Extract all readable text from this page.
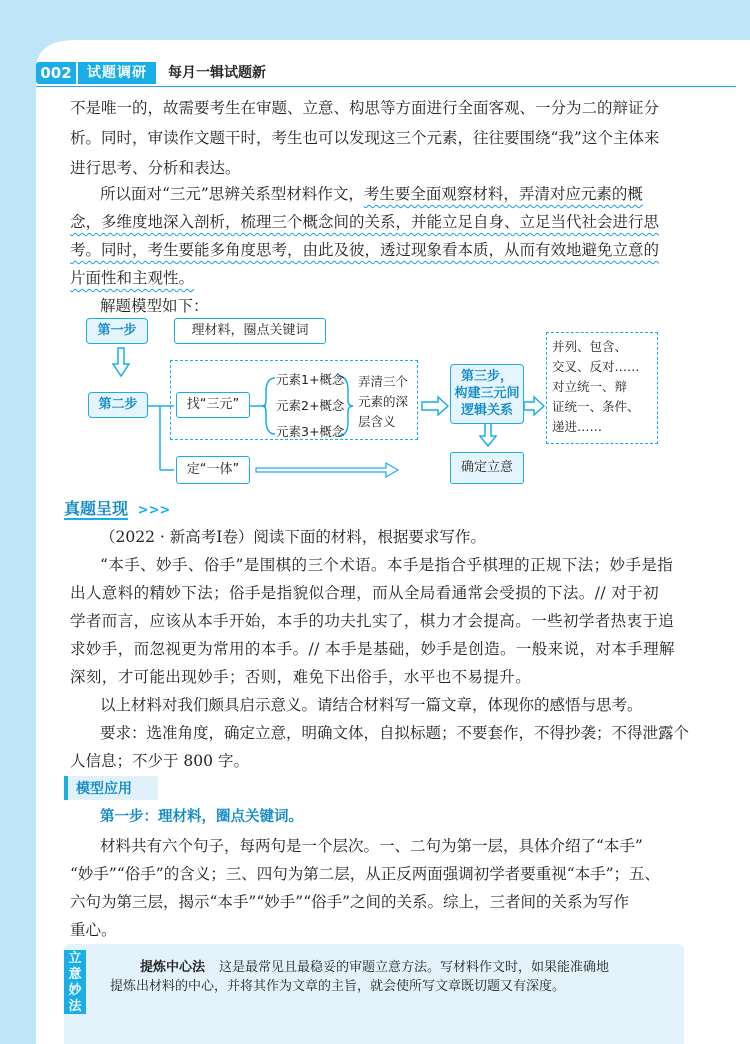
002	试题调研	每月一辑试题新
不是唯一的，故需要考生在审题、立意、构思等方面进行全面客观、一分为二的辩证分
析。同时，审读作文题干时，考生也可以发现这三个元素，往往要围绕“我”这个主体来
进行思考、分析和表达。
所以面对“三元”思辨关系型材料作文，考生要全面观察材料，弄清对应元素的概
念，多维度地深入剖析，梳理三个概念间的关系，并能立足自身、立足当代社会进行思
考。同时，考生要能多角度思考，由此及彼，透过现象看本质，从而有效地避免立意的
片面性和主观性。
解题模型如下：
第一步	理材料，圈点关键词
第二步	找“三元”
元素1+概念
元素2+概念
元素3+概念
弄清三个
元素的深
层含义
第三步，
构建三元间
逻辑关系
并列、包含、
交叉、反对……
对立统一、辩
证统一、条件、
递进……
定“一体”	确定立意
真题呈现 >>>
（2022 · 新高考Ⅰ卷）阅读下面的材料，根据要求写作。
“本手、妙手、俗手”是围棋的三个术语。本手是指合乎棋理的正规下法；妙手是指
出人意料的精妙下法；俗手是指貌似合理，而从全局看通常会受损的下法。// 对于初
学者而言，应该从本手开始，本手的功夫扎实了，棋力才会提高。一些初学者热衷于追
求妙手，而忽视更为常用的本手。// 本手是基础，妙手是创造。一般来说，对本手理解
深刻，才可能出现妙手；否则，难免下出俗手，水平也不易提升。
以上材料对我们颇具启示意义。请结合材料写一篇文章，体现你的感悟与思考。
要求：选准角度，确定立意，明确文体，自拟标题；不要套作，不得抄袭；不得泄露个
人信息；不少于 800 字。
模型应用
第一步：理材料，圈点关键词。
材料共有六个句子，每两句是一个层次。一、二句为第一层，具体介绍了“本手”
“妙手”“俗手”的含义；三、四句为第二层，从正反两面强调初学者要重视“本手”；五、
六句为第三层，揭示“本手”“妙手”“俗手”之间的关系。综上，三者间的关系为写作
重心。
立意妙法
提炼中心法 这是最常见且最稳妥的审题立意方法。写材料作文时，如果能准确地
提炼出材料的中心，并将其作为文章的主旨，就会使所写文章既切题又有深度。
